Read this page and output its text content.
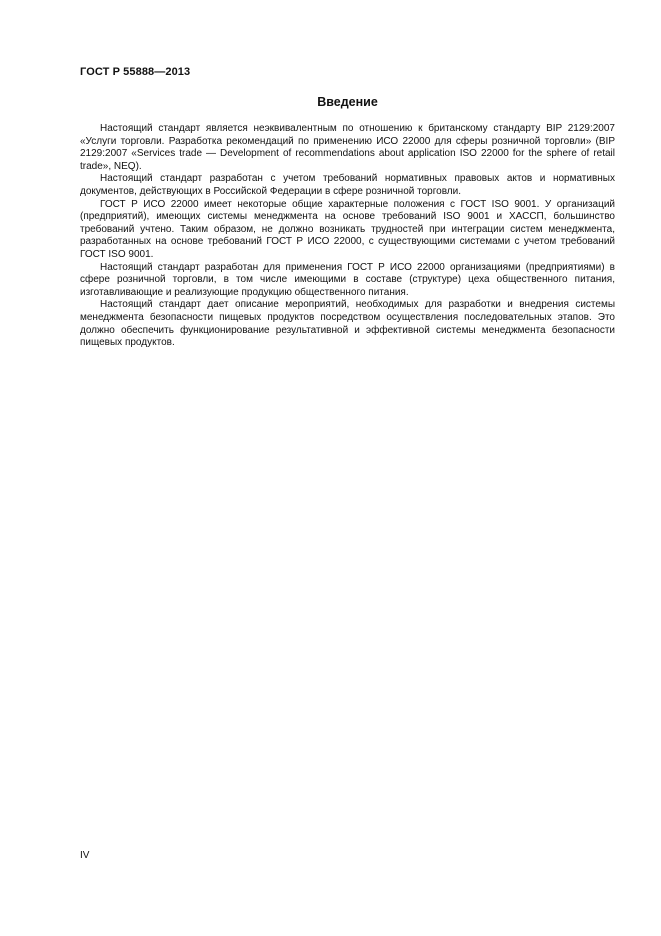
ГОСТ Р 55888—2013
Введение

Настоящий стандарт является неэквивалентным по отношению к британскому стандарту BIP 2129:2007 «Услуги торговли. Разработка рекомендаций по применению ИСО 22000 для сферы розничной торговли» (BIP 2129:2007 «Services trade — Development of recommendations about application ISO 22000 for the sphere of retail trade», NEQ).

Настоящий стандарт разработан с учетом требований нормативных правовых актов и нормативных документов, действующих в Российской Федерации в сфере розничной торговли.

ГОСТ Р ИСО 22000 имеет некоторые общие характерные положения с ГОСТ ISO 9001. У организаций (предприятий), имеющих системы менеджмента на основе требований ISO 9001 и ХАССП, большинство требований учтено. Таким образом, не должно возникать трудностей при интеграции систем менеджмента, разработанных на основе требований ГОСТ Р ИСО 22000, с существующими системами с учетом требований ГОСТ ISO 9001.

Настоящий стандарт разработан для применения ГОСТ Р ИСО 22000 организациями (предприятиями) в сфере розничной торговли, в том числе имеющими в составе (структуре) цеха общественного питания, изготавливающие и реализующие продукцию общественного питания.

Настоящий стандарт дает описание мероприятий, необходимых для разработки и внедрения системы менеджмента безопасности пищевых продуктов посредством осуществления последовательных этапов. Это должно обеспечить функционирование результативной и эффективной системы менеджмента безопасности пищевых продуктов.

IV
